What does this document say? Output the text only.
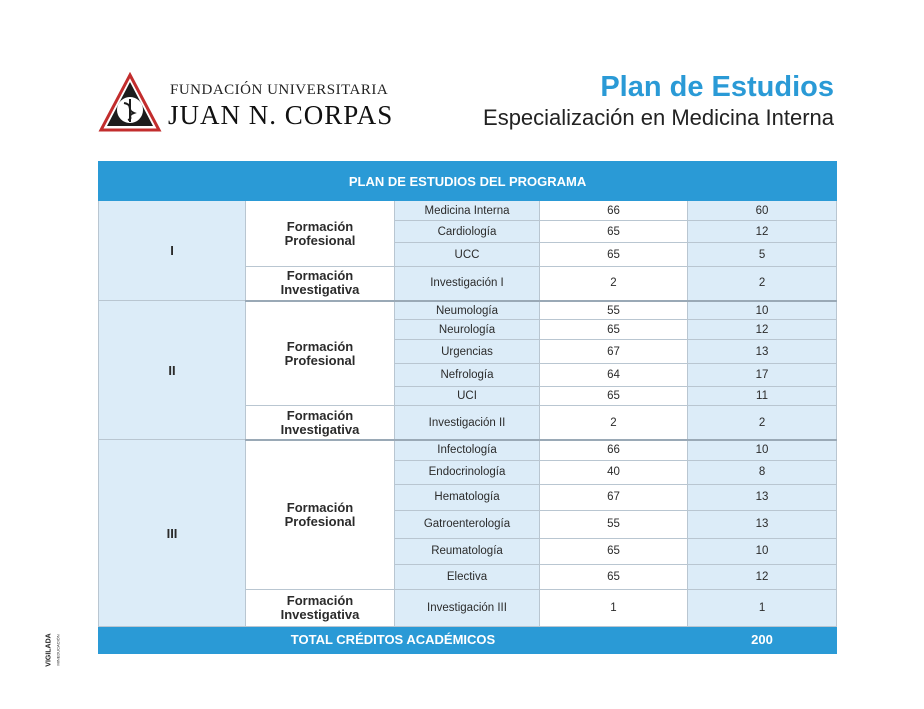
FUNDACIÓN UNIVERSITARIA
JUAN N. CORPAS
Plan de Estudios
Especialización en Medicina Interna
PLAN DE ESTUDIOS DEL PROGRAMA				
I	Formación Profesional	Medicina Interna	66	60
		Cardiología	65	12
		UCC	65	5
	Formación Investigativa	Investigación I	2	2
II	Formación Profesional	Neumología	55	10
		Neurología	65	12
		Urgencias	67	13
		Nefrología	64	17
		UCI	65	11
	Formación Investigativa	Investigación II	2	2
III	Formación Profesional	Infectología	66	10
		Endocrinología	40	8
		Hematología	67	13
		Gatroenterología	55	13
		Reumatología	65	10
		Electiva	65	12
	Formación Investigativa	Investigación III	1	1
TOTAL CRÉDITOS ACADÉMICOS				200
VIGILADA MINEDUCACIÓN
